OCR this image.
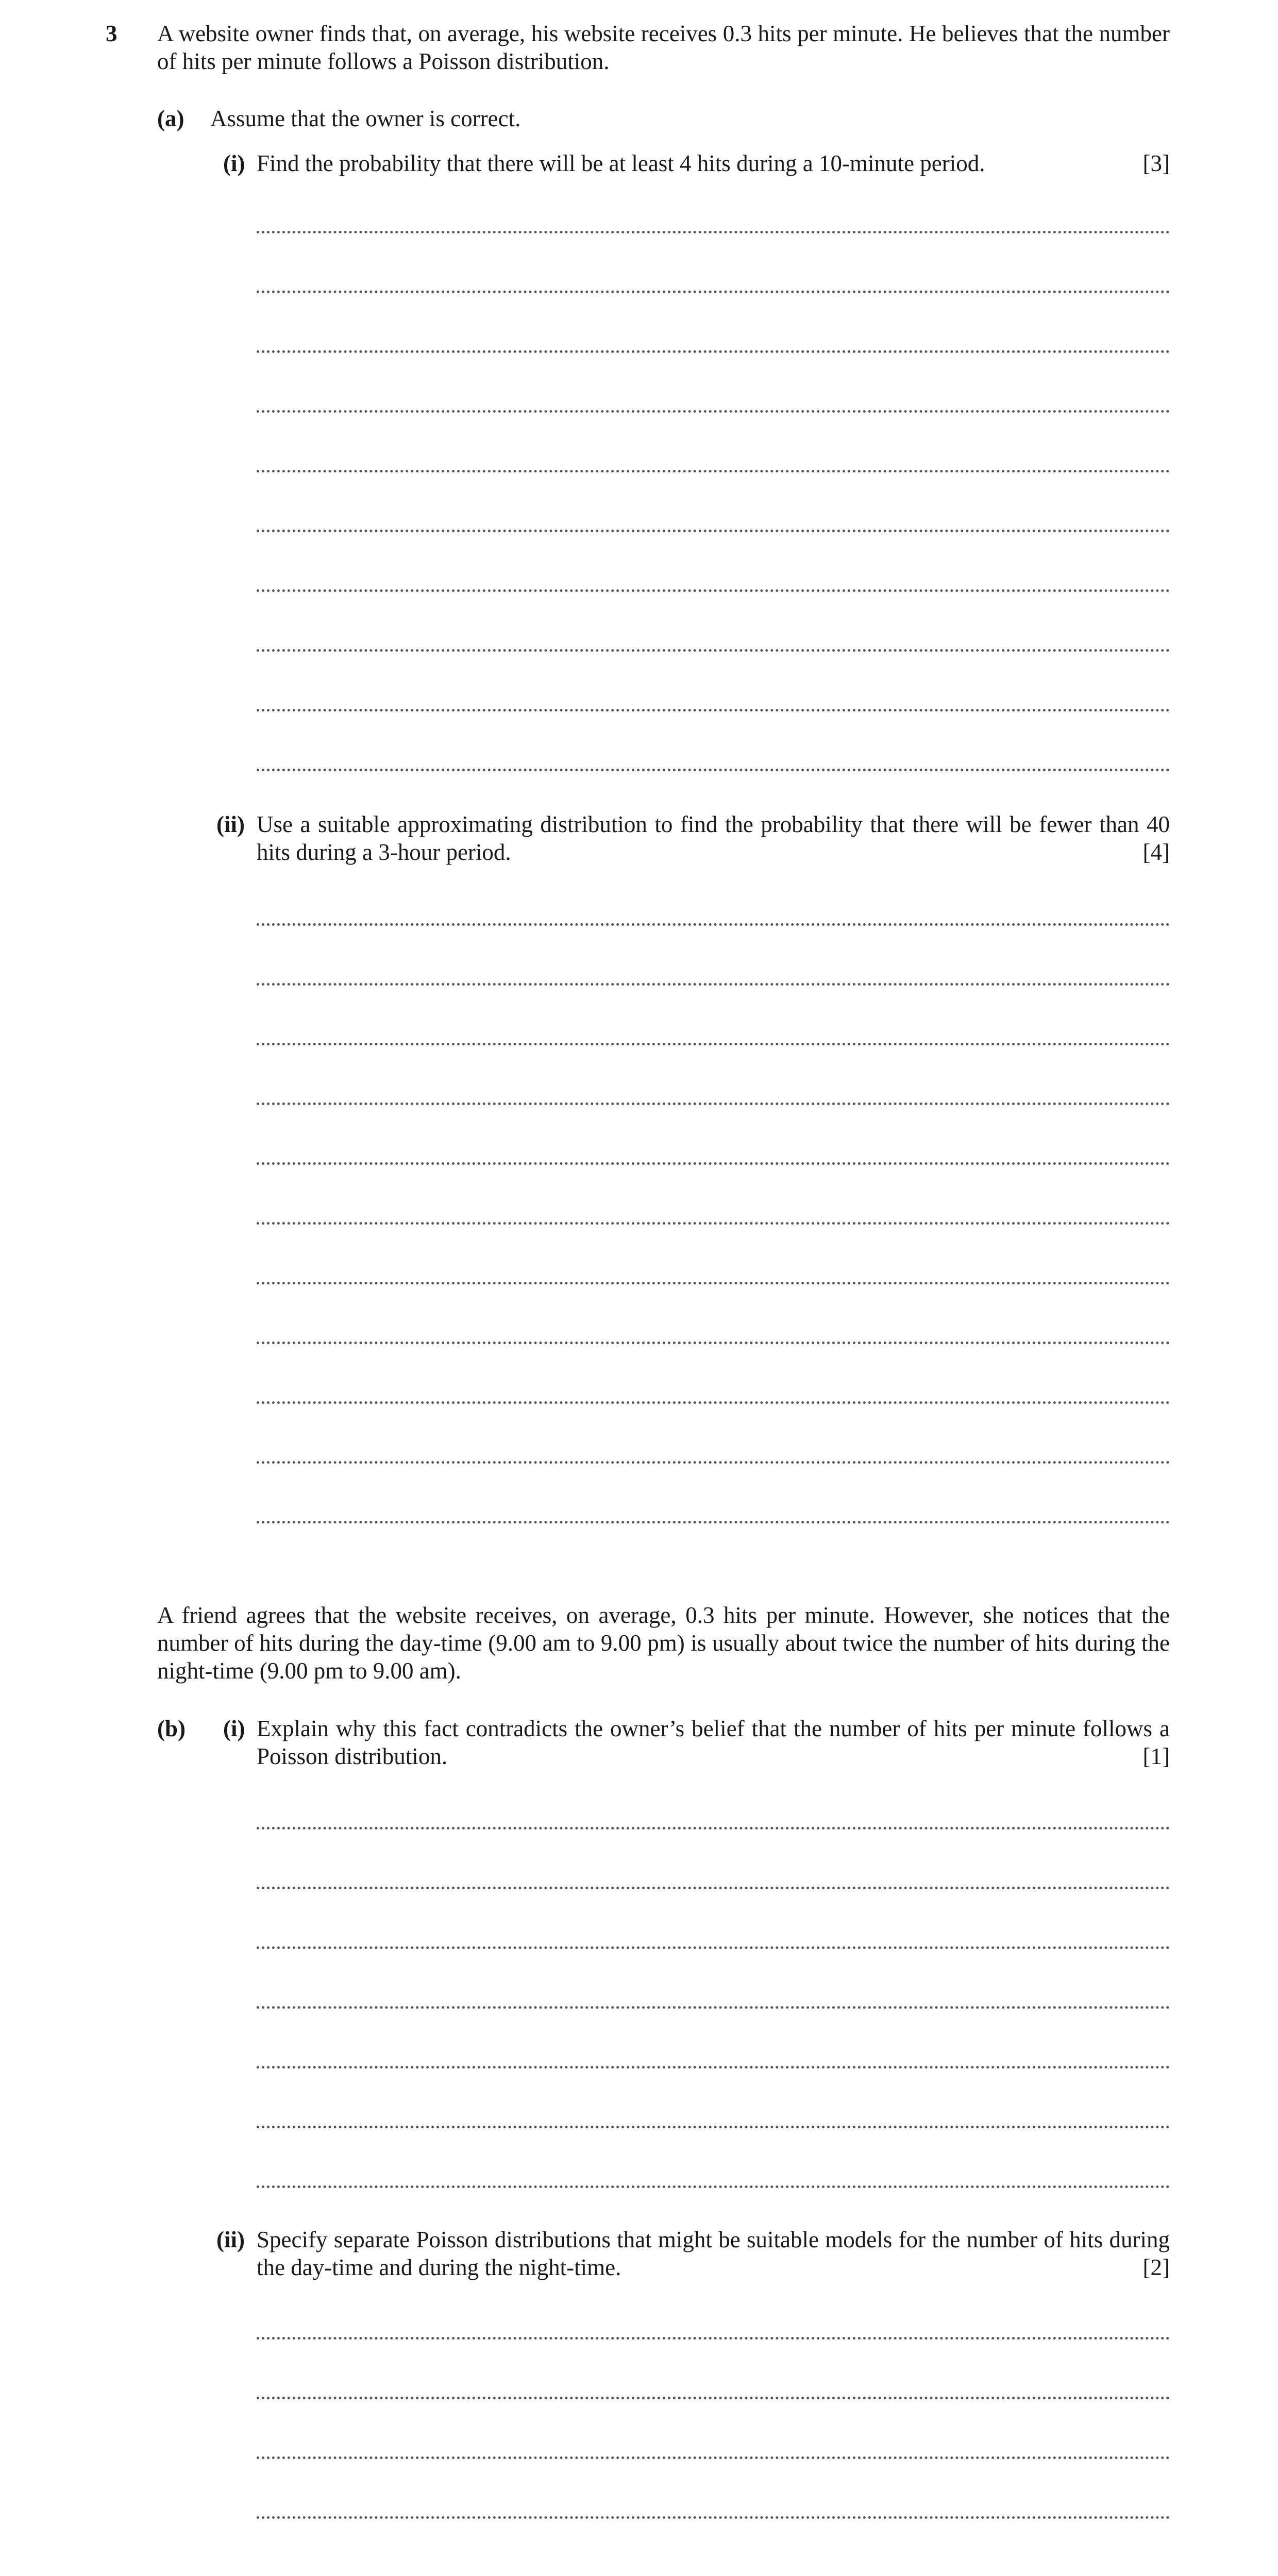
3 A website owner finds that, on average, his website receives 0.3 hits per minute. He believes that the number of hits per minute follows a Poisson distribution.
(a) Assume that the owner is correct.
(i) Find the probability that there will be at least 4 hits during a 10-minute period.	[3]
(ii) Use a suitable approximating distribution to find the probability that there will be fewer than 40 hits during a 3-hour period.	[4]
A friend agrees that the website receives, on average, 0.3 hits per minute. However, she notices that the number of hits during the day-time (9.00 am to 9.00 pm) is usually about twice the number of hits during the night-time (9.00 pm to 9.00 am).
(b) (i) Explain why this fact contradicts the owner’s belief that the number of hits per minute follows a Poisson distribution.	[1]
(ii) Specify separate Poisson distributions that might be suitable models for the number of hits during the day-time and during the night-time.	[2]
